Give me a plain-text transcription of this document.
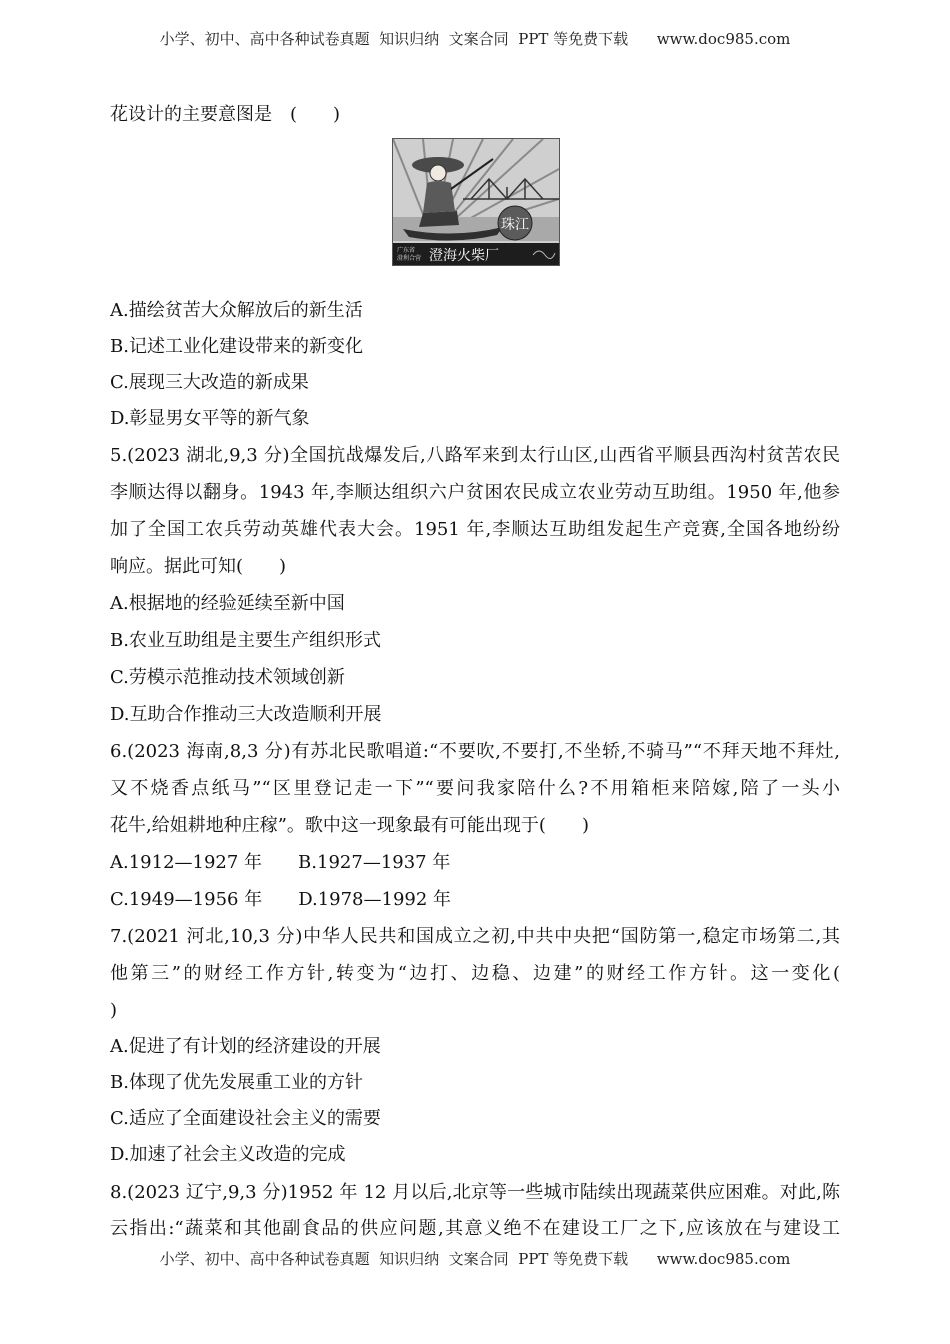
小学、初中、高中各种试卷真题  知识归纳  文案合同  PPT 等免费下载      www.doc985.com
花设计的主要意图是　(　　)
珠江
广东省
澄利合营 澄海火柴厂
A.描绘贫苦大众解放后的新生活
B.记述工业化建设带来的新变化
C.展现三大改造的新成果
D.彰显男女平等的新气象
5.(2023 湖北,9,3 分)全国抗战爆发后,八路军来到太行山区,山西省平顺县西沟村贫苦农民
李顺达得以翻身。1943 年,李顺达组织六户贫困农民成立农业劳动互助组。1950 年,他参
加了全国工农兵劳动英雄代表大会。1951 年,李顺达互助组发起生产竞赛,全国各地纷纷
响应。据此可知(　　)
A.根据地的经验延续至新中国
B.农业互助组是主要生产组织形式
C.劳模示范推动技术领域创新
D.互助合作推动三大改造顺利开展
6.(2023 海南,8,3 分)有苏北民歌唱道:“不要吹,不要打,不坐轿,不骑马”“不拜天地不拜灶,
又不烧香点纸马”“区里登记走一下”“要问我家陪什么?不用箱柜来陪嫁,陪了一头小
花牛,给姐耕地种庄稼”。歌中这一现象最有可能出现于(　　)
A.1912—1927 年　　B.1927—1937 年
C.1949—1956 年　　D.1978—1992 年
7.(2021 河北,10,3 分)中华人民共和国成立之初,中共中央把“国防第一,稳定市场第二,其
他第三”的财经工作方针,转变为“边打、边稳、边建”的财经工作方针。这一变化(
)
A.促进了有计划的经济建设的开展
B.体现了优先发展重工业的方针
C.适应了全面建设社会主义的需要
D.加速了社会主义改造的完成
8.(2023 辽宁,9,3 分)1952 年 12 月以后,北京等一些城市陆续出现蔬菜供应困难。对此,陈
云指出:“蔬菜和其他副食品的供应问题,其意义绝不在建设工厂之下,应该放在与建设工
小学、初中、高中各种试卷真题  知识归纳  文案合同  PPT 等免费下载      www.doc985.com
